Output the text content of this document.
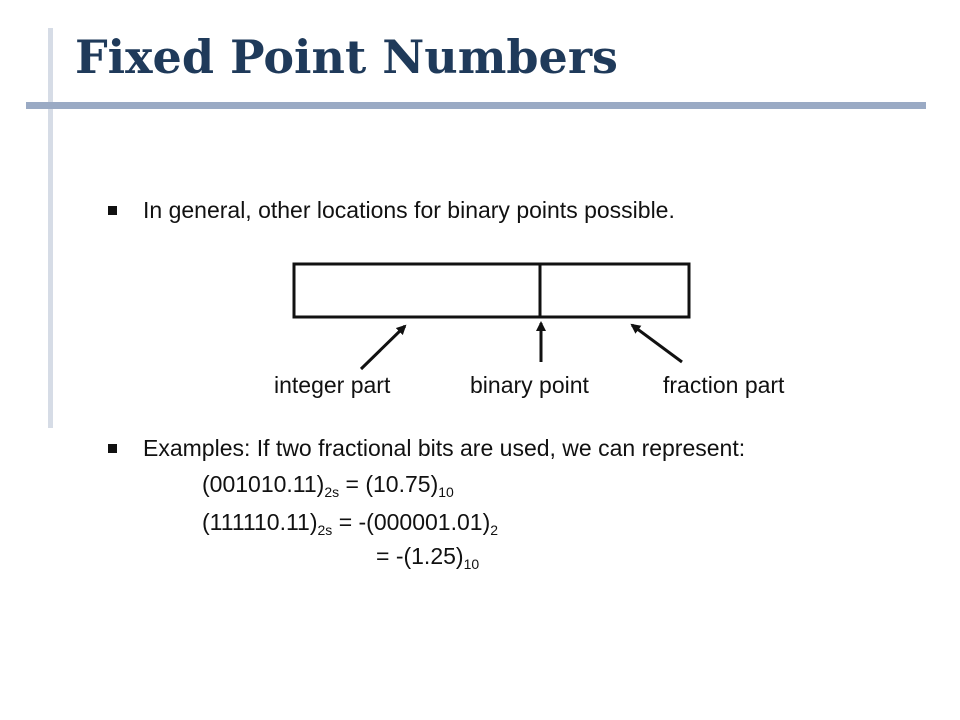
Fixed Point Numbers
In general, other locations for binary points possible.
integer part	binary point	fraction part
Examples: If two fractional bits are used, we can represent:
$(001010.11)_{2s} = (10.75)_{10}$
$(111110.11)_{2s} = -(000001.01)_2$
= $-(1.25)_{10}$
